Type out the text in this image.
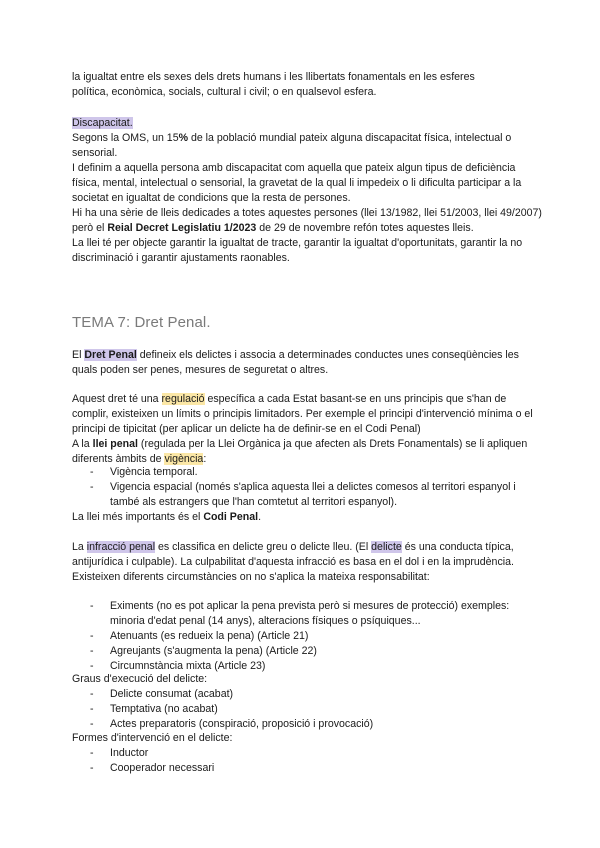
la igualtat entre els sexes dels drets humans i les llibertats fonamentals en les esferes
política, econòmica, socials, cultural i civil; o en qualsevol esfera.

Discapacitat.
Segons la OMS, un 15% de la població mundial pateix alguna discapacitat física, intelectual o sensorial.
I definim a aquella persona amb discapacitat com aquella que pateix algun tipus de deficiència física, mental, intelectual o sensorial, la gravetat de la qual li impedeix o li dificulta participar a la societat en igualtat de condicions que la resta de persones.
Hi ha una sèrie de lleis dedicades a totes aquestes persones (llei 13/1982, llei 51/2003, llei 49/2007) però el Reial Decret Legislatiu 1/2023 de 29 de novembre refón totes aquestes lleis.
La llei té per objecte garantir la igualtat de tracte, garantir la igualtat d'oportunitats, garantir la no discriminació i garantir ajustaments raonables.

TEMA 7: Dret Penal.

El Dret Penal defineix els delictes i associa a determinades conductes unes conseqüències les quals poden ser penes, mesures de seguretat o altres.

Aquest dret té una regulació específica a cada Estat basant-se en uns principis que s'han de complir, existeixen un límits o principis limitadors. Per exemple el principi d'intervenció mínima o el principi de tipicitat (per aplicar un delicte ha de definir-se en el Codi Penal)
A la llei penal (regulada per la Llei Orgànica ja que afecten als Drets Fonamentals) se li apliquen diferents àmbits de vigència:

- Vigència temporal.
- Vigencia espacial (només s'aplica aquesta llei a delictes comesos al territori espanyol i també als estrangers que l'han comtetut al territori espanyol).

La llei més importants és el Codi Penal.

La infracció penal es classifica en delicte greu o delicte lleu. (El delicte és una conducta típica, antijurídica i culpable). La culpabilitat d'aquesta infracció es basa en el dol i en la imprudència.
Existeixen diferents circumstàncies on no s'aplica la mateixa responsabilitat:

- Eximents (no es pot aplicar la pena prevista però si mesures de protecció) exemples: minoria d'edat penal (14 anys), alteracions físiques o psíquiques...
- Atenuants (es redueix la pena) (Article 21)
- Agreujants (s'augmenta la pena) (Article 22)
- Circumnstància mixta (Article 23)

Graus d'execució del delicte:

- Delicte consumat (acabat)
- Temptativa (no acabat)
- Actes preparatoris (conspiració, proposició i provocació)

Formes d'intervenció en el delicte:

- Inductor
- Cooperador necessari
